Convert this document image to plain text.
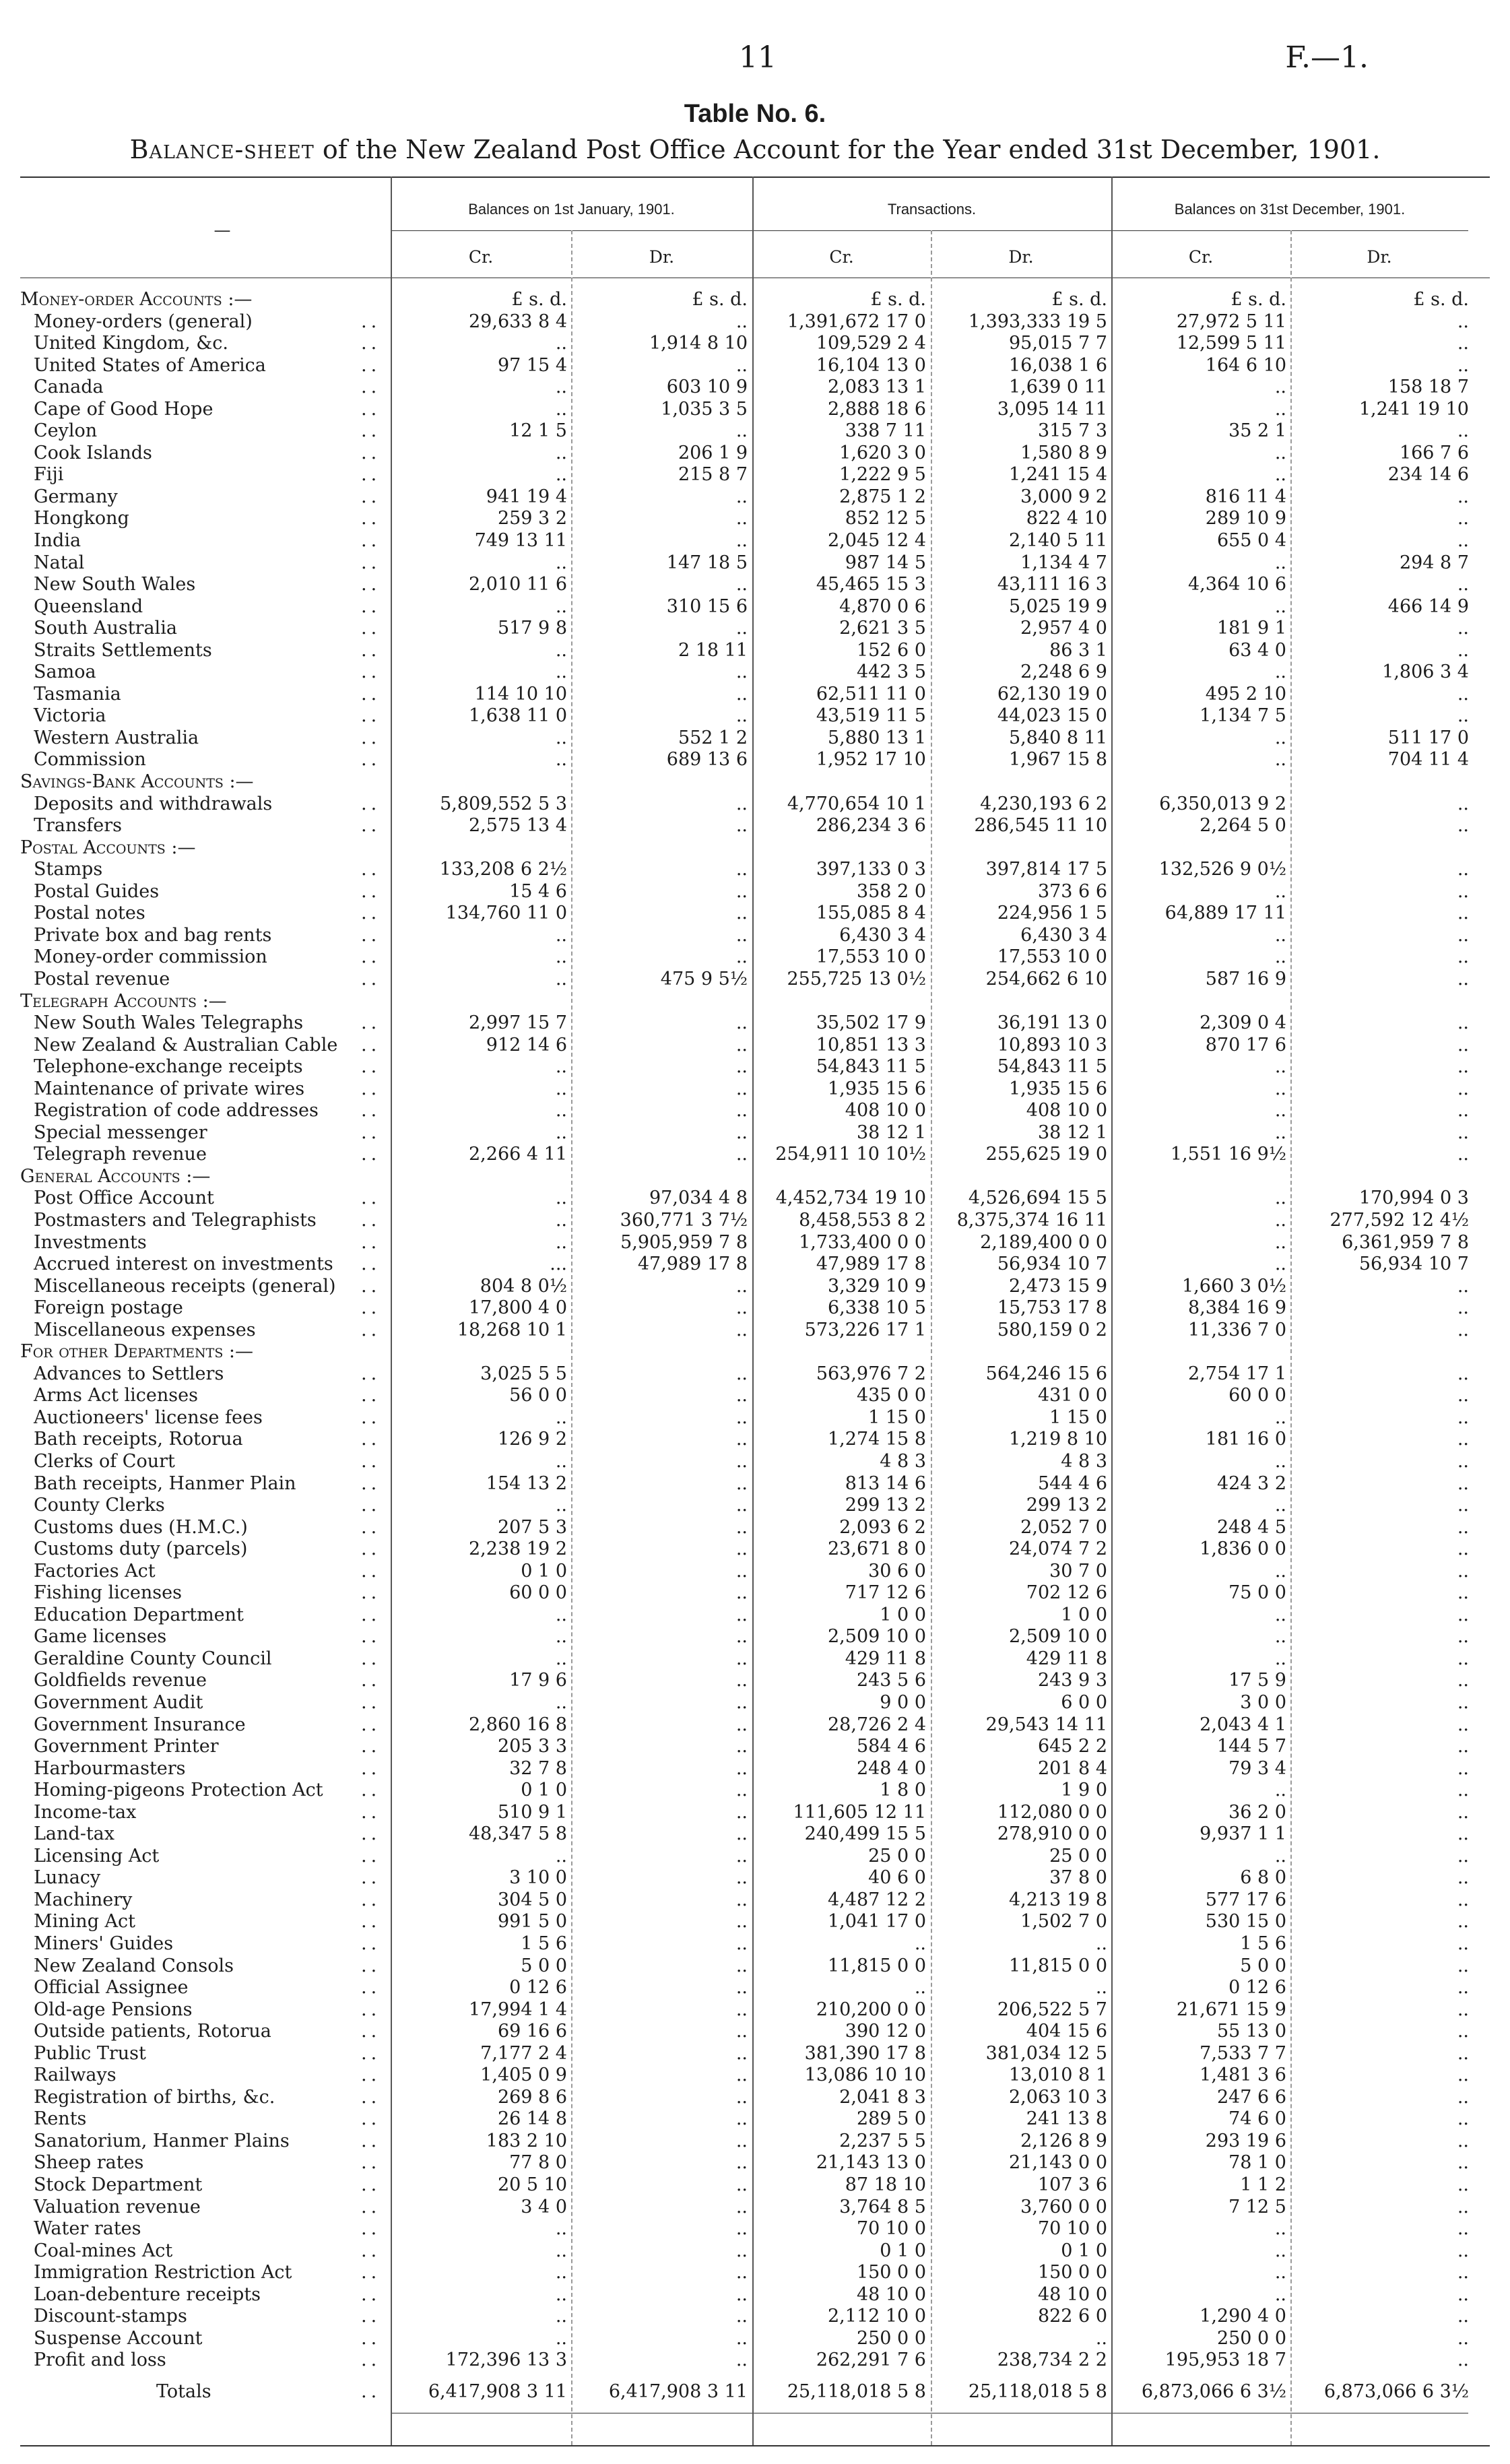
11	F.—1.
Table No. 6.
Balance-sheet of the New Zealand Post Office Account for the Year ended 31st December, 1901.
Balances on 1st January, 1901.	Transactions.	Balances on 31st December, 1901.
—
Cr.	Dr.	Cr.	Dr.	Cr.	Dr.
Money-order Accounts :—	£ s. d.	£ s. d.	£ s. d.	£ s. d.	£ s. d.	£ s. d.
Money-orders (general)	..	29,633 8 4	..	1,391,672 17 0	1,393,333 19 5	27,972 5 11	..
United Kingdom, &c.	..	..	1,914 8 10	109,529 2 4	95,015 7 7	12,599 5 11	..
United States of America	..	97 15 4	..	16,104 13 0	16,038 1 6	164 6 10	..
Canada	..	..	603 10 9	2,083 13 1	1,639 0 11	..	158 18 7
Cape of Good Hope	..	..	1,035 3 5	2,888 18 6	3,095 14 11	..	1,241 19 10
Ceylon	..	12 1 5	..	338 7 11	315 7 3	35 2 1	..
Cook Islands	..	..	206 1 9	1,620 3 0	1,580 8 9	..	166 7 6
Fiji	..	..	215 8 7	1,222 9 5	1,241 15 4	..	234 14 6
Germany	..	941 19 4	..	2,875 1 2	3,000 9 2	816 11 4	..
Hongkong	..	259 3 2	..	852 12 5	822 4 10	289 10 9	..
India	..	749 13 11	..	2,045 12 4	2,140 5 11	655 0 4	..
Natal	..	..	147 18 5	987 14 5	1,134 4 7	..	294 8 7
New South Wales	..	2,010 11 6	..	45,465 15 3	43,111 16 3	4,364 10 6	..
Queensland	..	..	310 15 6	4,870 0 6	5,025 19 9	..	466 14 9
South Australia	..	517 9 8	..	2,621 3 5	2,957 4 0	181 9 1	..
Straits Settlements	..	..	2 18 11	152 6 0	86 3 1	63 4 0	..
Samoa	..	..	..	442 3 5	2,248 6 9	..	1,806 3 4
Tasmania	..	114 10 10	..	62,511 11 0	62,130 19 0	495 2 10	..
Victoria	..	1,638 11 0	..	43,519 11 5	44,023 15 0	1,134 7 5	..
Western Australia	..	..	552 1 2	5,880 13 1	5,840 8 11	..	511 17 0
Commission	..	..	689 13 6	1,952 17 10	1,967 15 8	..	704 11 4
Savings-Bank Accounts :—
Deposits and withdrawals	..	5,809,552 5 3	..	4,770,654 10 1	4,230,193 6 2	6,350,013 9 2	..
Transfers	..	2,575 13 4	..	286,234 3 6	286,545 11 10	2,264 5 0	..
Postal Accounts :—
Stamps	..	133,208 6 2½	..	397,133 0 3	397,814 17 5	132,526 9 0½	..
Postal Guides	..	15 4 6	..	358 2 0	373 6 6	..	..
Postal notes	..	134,760 11 0	..	155,085 8 4	224,956 1 5	64,889 17 11	..
Private box and bag rents	..	..	..	6,430 3 4	6,430 3 4	..	..
Money-order commission	..	..	..	17,553 10 0	17,553 10 0	..	..
Postal revenue	..	..	475 9 5½	255,725 13 0½	254,662 6 10	587 16 9	..
Telegraph Accounts :—
New South Wales Telegraphs	..	2,997 15 7	..	35,502 17 9	36,191 13 0	2,309 0 4	..
New Zealand & Australian Cable ..	912 14 6	..	10,851 13 3	10,893 10 3	870 17 6	..
Telephone-exchange receipts	..	..	..	54,843 11 5	54,843 11 5	..	..
Maintenance of private wires	..	..	..	1,935 15 6	1,935 15 6	..	..
Registration of code addresses ..	..	..	408 10 0	408 10 0	..	..
Special messenger	..	..	..	38 12 1	38 12 1	..	..
Telegraph revenue	..	2,266 4 11	..	254,911 10 10½	255,625 19 0	1,551 16 9½	..
General Accounts :—
Post Office Account	..	..	97,034 4 8	4,452,734 19 10	4,526,694 15 5	..	170,994 0 3
Postmasters and Telegraphists ..	..	360,771 3 7½	8,458,553 8 2	8,375,374 16 11	..	277,592 12 4½
Investments	..	..	5,905,959 7 8	1,733,400 0 0	2,189,400 0 0	..	6,361,959 7 8
Accrued interest on investments ..	...	47,989 17 8	47,989 17 8	56,934 10 7	..	56,934 10 7
Miscellaneous receipts (general) ..	804 8 0½	..	3,329 10 9	2,473 15 9	1,660 3 0½	..
Foreign postage	..	17,800 4 0	..	6,338 10 5	15,753 17 8	8,384 16 9	..
Miscellaneous expenses	..	18,268 10 1	..	573,226 17 1	580,159 0 2	11,336 7 0	..
For other Departments :—
Advances to Settlers	..	3,025 5 5	..	563,976 7 2	564,246 15 6	2,754 17 1	..
Arms Act licenses	..	56 0 0	..	435 0 0	431 0 0	60 0 0	..
Auctioneers' license fees	..	..	..	1 15 0	1 15 0	..	..
Bath receipts, Rotorua	..	126 9 2	..	1,274 15 8	1,219 8 10	181 16 0	..
Clerks of Court	..	..	..	4 8 3	4 8 3	..	..
Bath receipts, Hanmer Plain	..	154 13 2	..	813 14 6	544 4 6	424 3 2	..
County Clerks	..	..	..	299 13 2	299 13 2	..	..
Customs dues (H.M.C.)	..	207 5 3	..	2,093 6 2	2,052 7 0	248 4 5	..
Customs duty (parcels)	..	2,238 19 2	..	23,671 8 0	24,074 7 2	1,836 0 0	..
Factories Act	..	0 1 0	..	30 6 0	30 7 0	..	..
Fishing licenses	..	60 0 0	..	717 12 6	702 12 6	75 0 0	..
Education Department	..	..	..	1 0 0	1 0 0	..	..
Game licenses	..	..	..	2,509 10 0	2,509 10 0	..	..
Geraldine County Council	..	..	..	429 11 8	429 11 8	..	..
Goldfields revenue	..	17 9 6	..	243 5 6	243 9 3	17 5 9	..
Government Audit	..	..	..	9 0 0	6 0 0	3 0 0	..
Government Insurance	..	2,860 16 8	..	28,726 2 4	29,543 14 11	2,043 4 1	..
Government Printer	..	205 3 3	..	584 4 6	645 2 2	144 5 7	..
Harbourmasters	..	32 7 8	..	248 4 0	201 8 4	79 3 4	..
Homing-pigeons Protection Act ..	0 1 0	..	1 8 0	1 9 0	..	..
Income-tax	..	510 9 1	..	111,605 12 11	112,080 0 0	36 2 0	..
Land-tax	..	48,347 5 8	..	240,499 15 5	278,910 0 0	9,937 1 1	..
Licensing Act	..	..	..	25 0 0	25 0 0	..	..
Lunacy	..	3 10 0	..	40 6 0	37 8 0	6 8 0	..
Machinery	..	304 5 0	..	4,487 12 2	4,213 19 8	577 17 6	..
Mining Act	..	991 5 0	..	1,041 17 0	1,502 7 0	530 15 0	..
Miners' Guides	..	1 5 6	..	..	..	1 5 6	..
New Zealand Consols	..	5 0 0	..	11,815 0 0	11,815 0 0	5 0 0	..
Official Assignee	..	0 12 6	..	..	..	0 12 6	..
Old-age Pensions	..	17,994 1 4	..	210,200 0 0	206,522 5 7	21,671 15 9	..
Outside patients, Rotorua	..	69 16 6	..	390 12 0	404 15 6	55 13 0	..
Public Trust	..	7,177 2 4	..	381,390 17 8	381,034 12 5	7,533 7 7	..
Railways	..	1,405 0 9	..	13,086 10 10	13,010 8 1	1,481 3 6	..
Registration of births, &c.	..	269 8 6	..	2,041 8 3	2,063 10 3	247 6 6	..
Rents	..	26 14 8	..	289 5 0	241 13 8	74 6 0	..
Sanatorium, Hanmer Plains	..	183 2 10	..	2,237 5 5	2,126 8 9	293 19 6	..
Sheep rates	..	77 8 0	..	21,143 13 0	21,143 0 0	78 1 0	..
Stock Department	..	20 5 10	..	87 18 10	107 3 6	1 1 2	..
Valuation revenue	..	3 4 0	..	3,764 8 5	3,760 0 0	7 12 5	..
Water rates	..	..	..	70 10 0	70 10 0	..	..
Coal-mines Act	..	..	..	0 1 0	0 1 0	..	..
Immigration Restriction Act	..	..	..	150 0 0	150 0 0	..	..
Loan-debenture receipts	..	..	..	48 10 0	48 10 0	..	..
Discount-stamps	..	..	..	2,112 10 0	822 6 0	1,290 4 0	..
Suspense Account	..	..	..	250 0 0	..	250 0 0	..
Profit and loss	..	172,396 13 3	..	262,291 7 6	238,734 2 2	195,953 18 7	..
Totals	..	6,417,908 3 11	6,417,908 3 11	25,118,018 5 8	25,118,018 5 8	6,873,066 6 3½	6,873,066 6 3½
